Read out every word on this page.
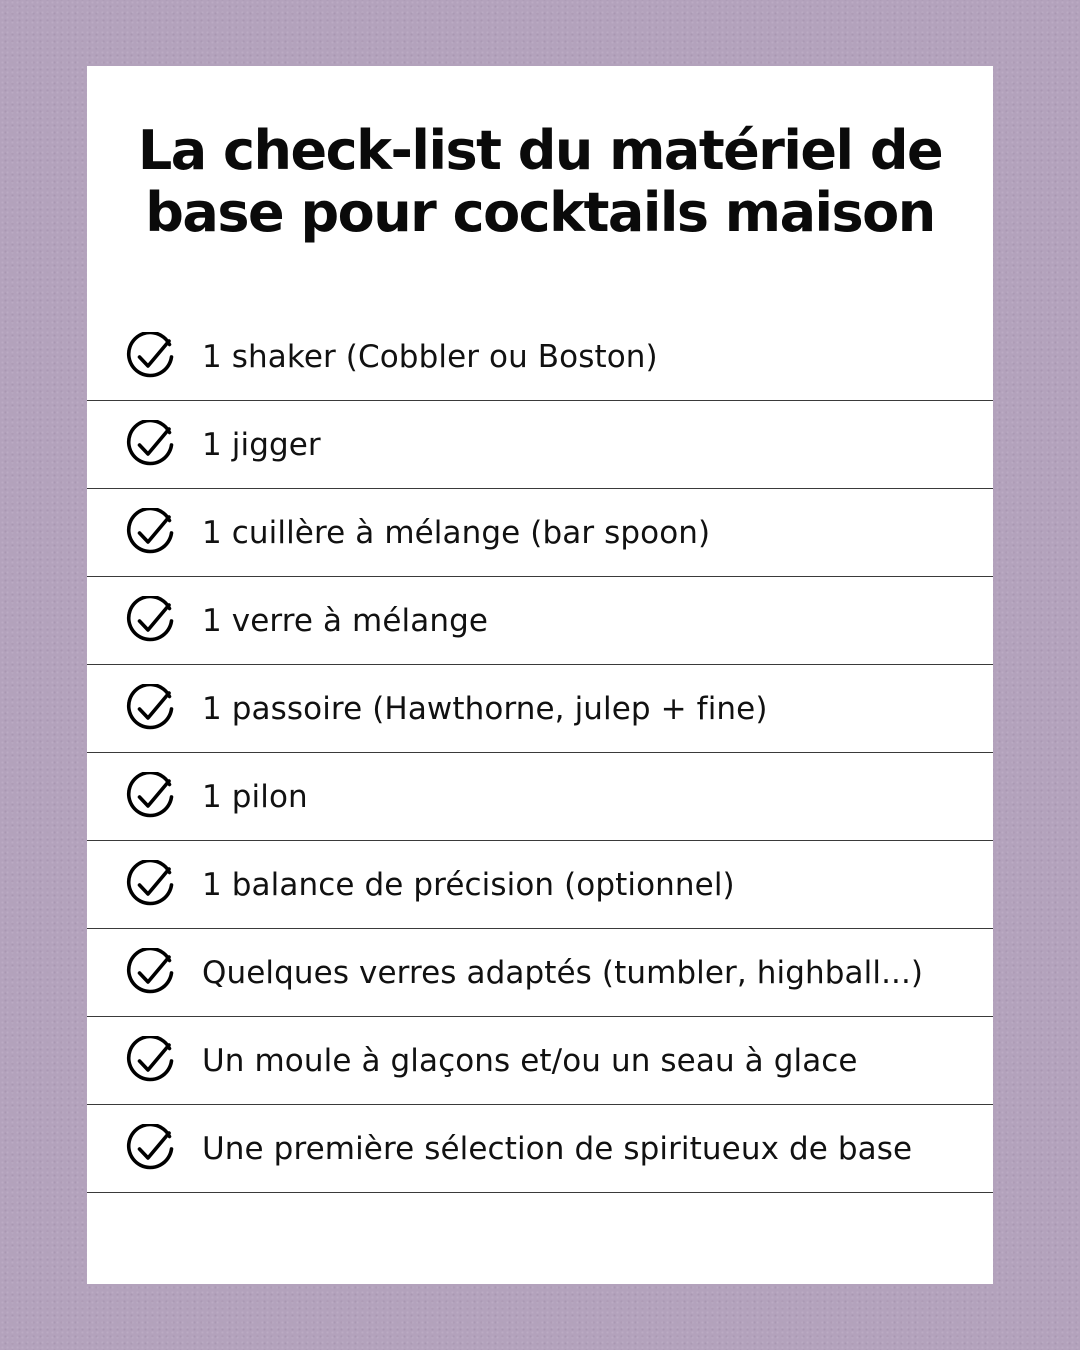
La check-list du matériel de
base pour cocktails maison
1 shaker (Cobbler ou Boston)
1 jigger
1 cuillère à mélange (bar spoon)
1 verre à mélange
1 passoire (Hawthorne, julep + fine)
1 pilon
1 balance de précision (optionnel)
Quelques verres adaptés (tumbler, highball...)
Un moule à glaçons et/ou un seau à glace
Une première sélection de spiritueux de base
